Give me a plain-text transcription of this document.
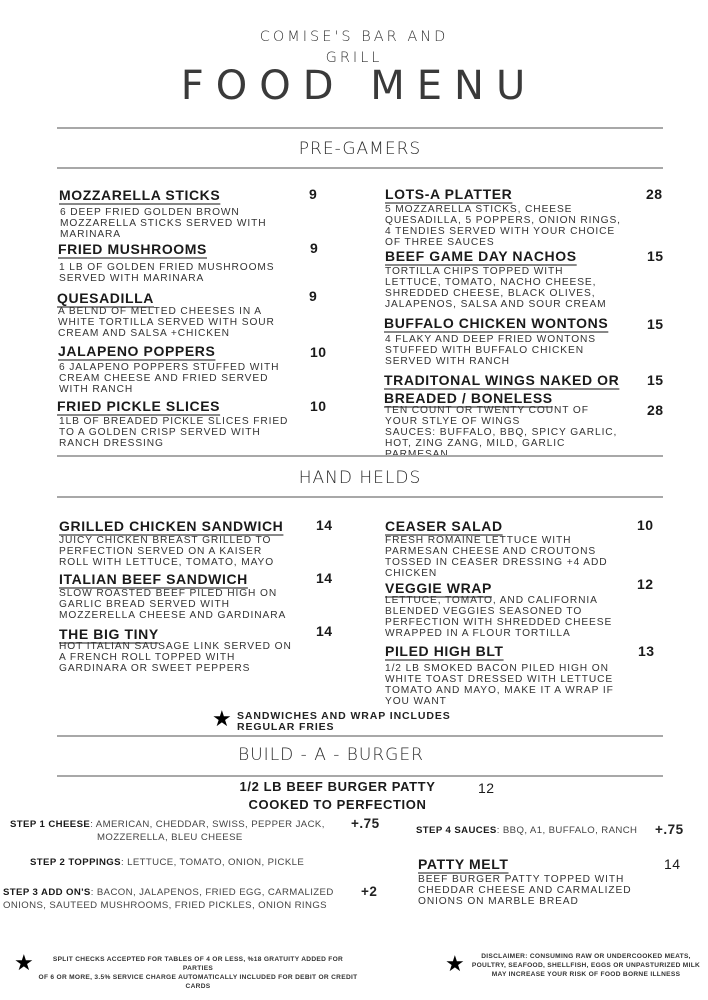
COMISE'S BAR AND
GRILL
FOOD MENU
PRE-GAMERS
MOZZARELLA STICKS	9
6 DEEP FRIED GOLDEN BROWN
MOZZARELLA STICKS SERVED WITH
MARINARA
FRIED MUSHROOMS	9
1 LB OF GOLDEN FRIED MUSHROOMS
SERVED WITH MARINARA
QUESADILLA	9
A BELND OF MELTED CHEESES IN A
WHITE TORTILLA SERVED WITH SOUR
CREAM AND SALSA +CHICKEN
JALAPENO POPPERS	10
6 JALAPENO POPPERS STUFFED WITH
CREAM CHEESE AND FRIED SERVED
WITH RANCH
FRIED PICKLE SLICES	10
1LB OF BREADED PICKLE SLICES FRIED
TO A GOLDEN CRISP SERVED WITH
RANCH DRESSING
LOTS-A PLATTER	28
5 MOZZARELLA STICKS, CHEESE
QUESADILLA, 5 POPPERS, ONION RINGS,
4 TENDIES SERVED WITH YOUR CHOICE
OF THREE SAUCES
BEEF GAME DAY NACHOS	15
TORTILLA CHIPS TOPPED WITH
LETTUCE, TOMATO, NACHO CHEESE,
SHREDDED CHEESE, BLACK OLIVES,
JALAPENOS, SALSA AND SOUR CREAM
BUFFALO CHICKEN WONTONS	15
4 FLAKY AND DEEP FRIED WONTONS
STUFFED WITH BUFFALO CHICKEN
SERVED WITH RANCH
TRADITONAL WINGS NAKED OR 15
BREADED / BONELESS
28
TEN COUNT OR TWENTY COUNT OF
YOUR STLYE OF WINGS
SAUCES: BUFFALO, BBQ, SPICY GARLIC,
HOT, ZING ZANG, MILD, GARLIC
PARMESAN
HAND HELDS
GRILLED CHICKEN SANDWICH 14
JUICY CHICKEN BREAST GRILLED TO
PERFECTION SERVED ON A KAISER
ROLL WITH LETTUCE, TOMATO, MAYO
ITALIAN BEEF SANDWICH	14
SLOW ROASTED BEEF PILED HIGH ON
GARLIC BREAD SERVED WITH
MOZZERELLA CHEESE AND GARDINARA
THE BIG TINY	14
HOT ITALIAN SAUSAGE LINK SERVED ON
A FRENCH ROLL TOPPED WITH
GARDINARA OR SWEET PEPPERS
CEASER SALAD	10
FRESH ROMAINE LETTUCE WITH
PARMESAN CHEESE AND CROUTONS
TOSSED IN CEASER DRESSING +4 ADD
CHICKEN
VEGGIE WRAP	12
LETTUCE, TOMATO, AND CALIFORNIA
BLENDED VEGGIES SEASONED TO
PERFECTION WITH SHREDDED CHEESE
WRAPPED IN A FLOUR TORTILLA
PILED HIGH BLT	13
1/2 LB SMOKED BACON PILED HIGH ON
WHITE TOAST DRESSED WITH LETTUCE
TOMATO AND MAYO, MAKE IT A WRAP IF
YOU WANT
★ SANDWICHES AND WRAP INCLUDES
REGULAR FRIES
BUILD - A - BURGER
1/2 LB BEEF BURGER PATTY
COOKED TO PERFECTION
12
STEP 1 CHEESE: AMERICAN, CHEDDAR, SWISS, PEPPER JACK,
MOZZERELLA, BLEU CHEESE
+.75
STEP 2 TOPPINGS: LETTUCE, TOMATO, ONION, PICKLE
STEP 3 ADD ON'S: BACON, JALAPENOS, FRIED EGG, CARMALIZED
ONIONS, SAUTEED MUSHROOMS, FRIED PICKLES, ONION RINGS
+2
STEP 4 SAUCES: BBQ, A1, BUFFALO, RANCH +.75
PATTY MELT	14
BEEF BURGER PATTY TOPPED WITH
CHEDDAR CHEESE AND CARMALIZED
ONIONS ON MARBLE BREAD
★	SPLIT CHECKS ACCEPTED FOR TABLES OF 4 OR LESS, %18 GRATUITY ADDED FOR PARTIES
OF 6 OR MORE, 3.5% SERVICE CHARGE AUTOMATICALLY INCLUDED FOR DEBIT OR CREDIT
CARDS
★	DISCLAIMER: CONSUMING RAW OR UNDERCOOKED MEATS,
POULTRY, SEAFOOD, SHELLFISH, EGGS OR UNPASTURIZED MILK
MAY INCREASE YOUR RISK OF FOOD BORNE ILLNESS
